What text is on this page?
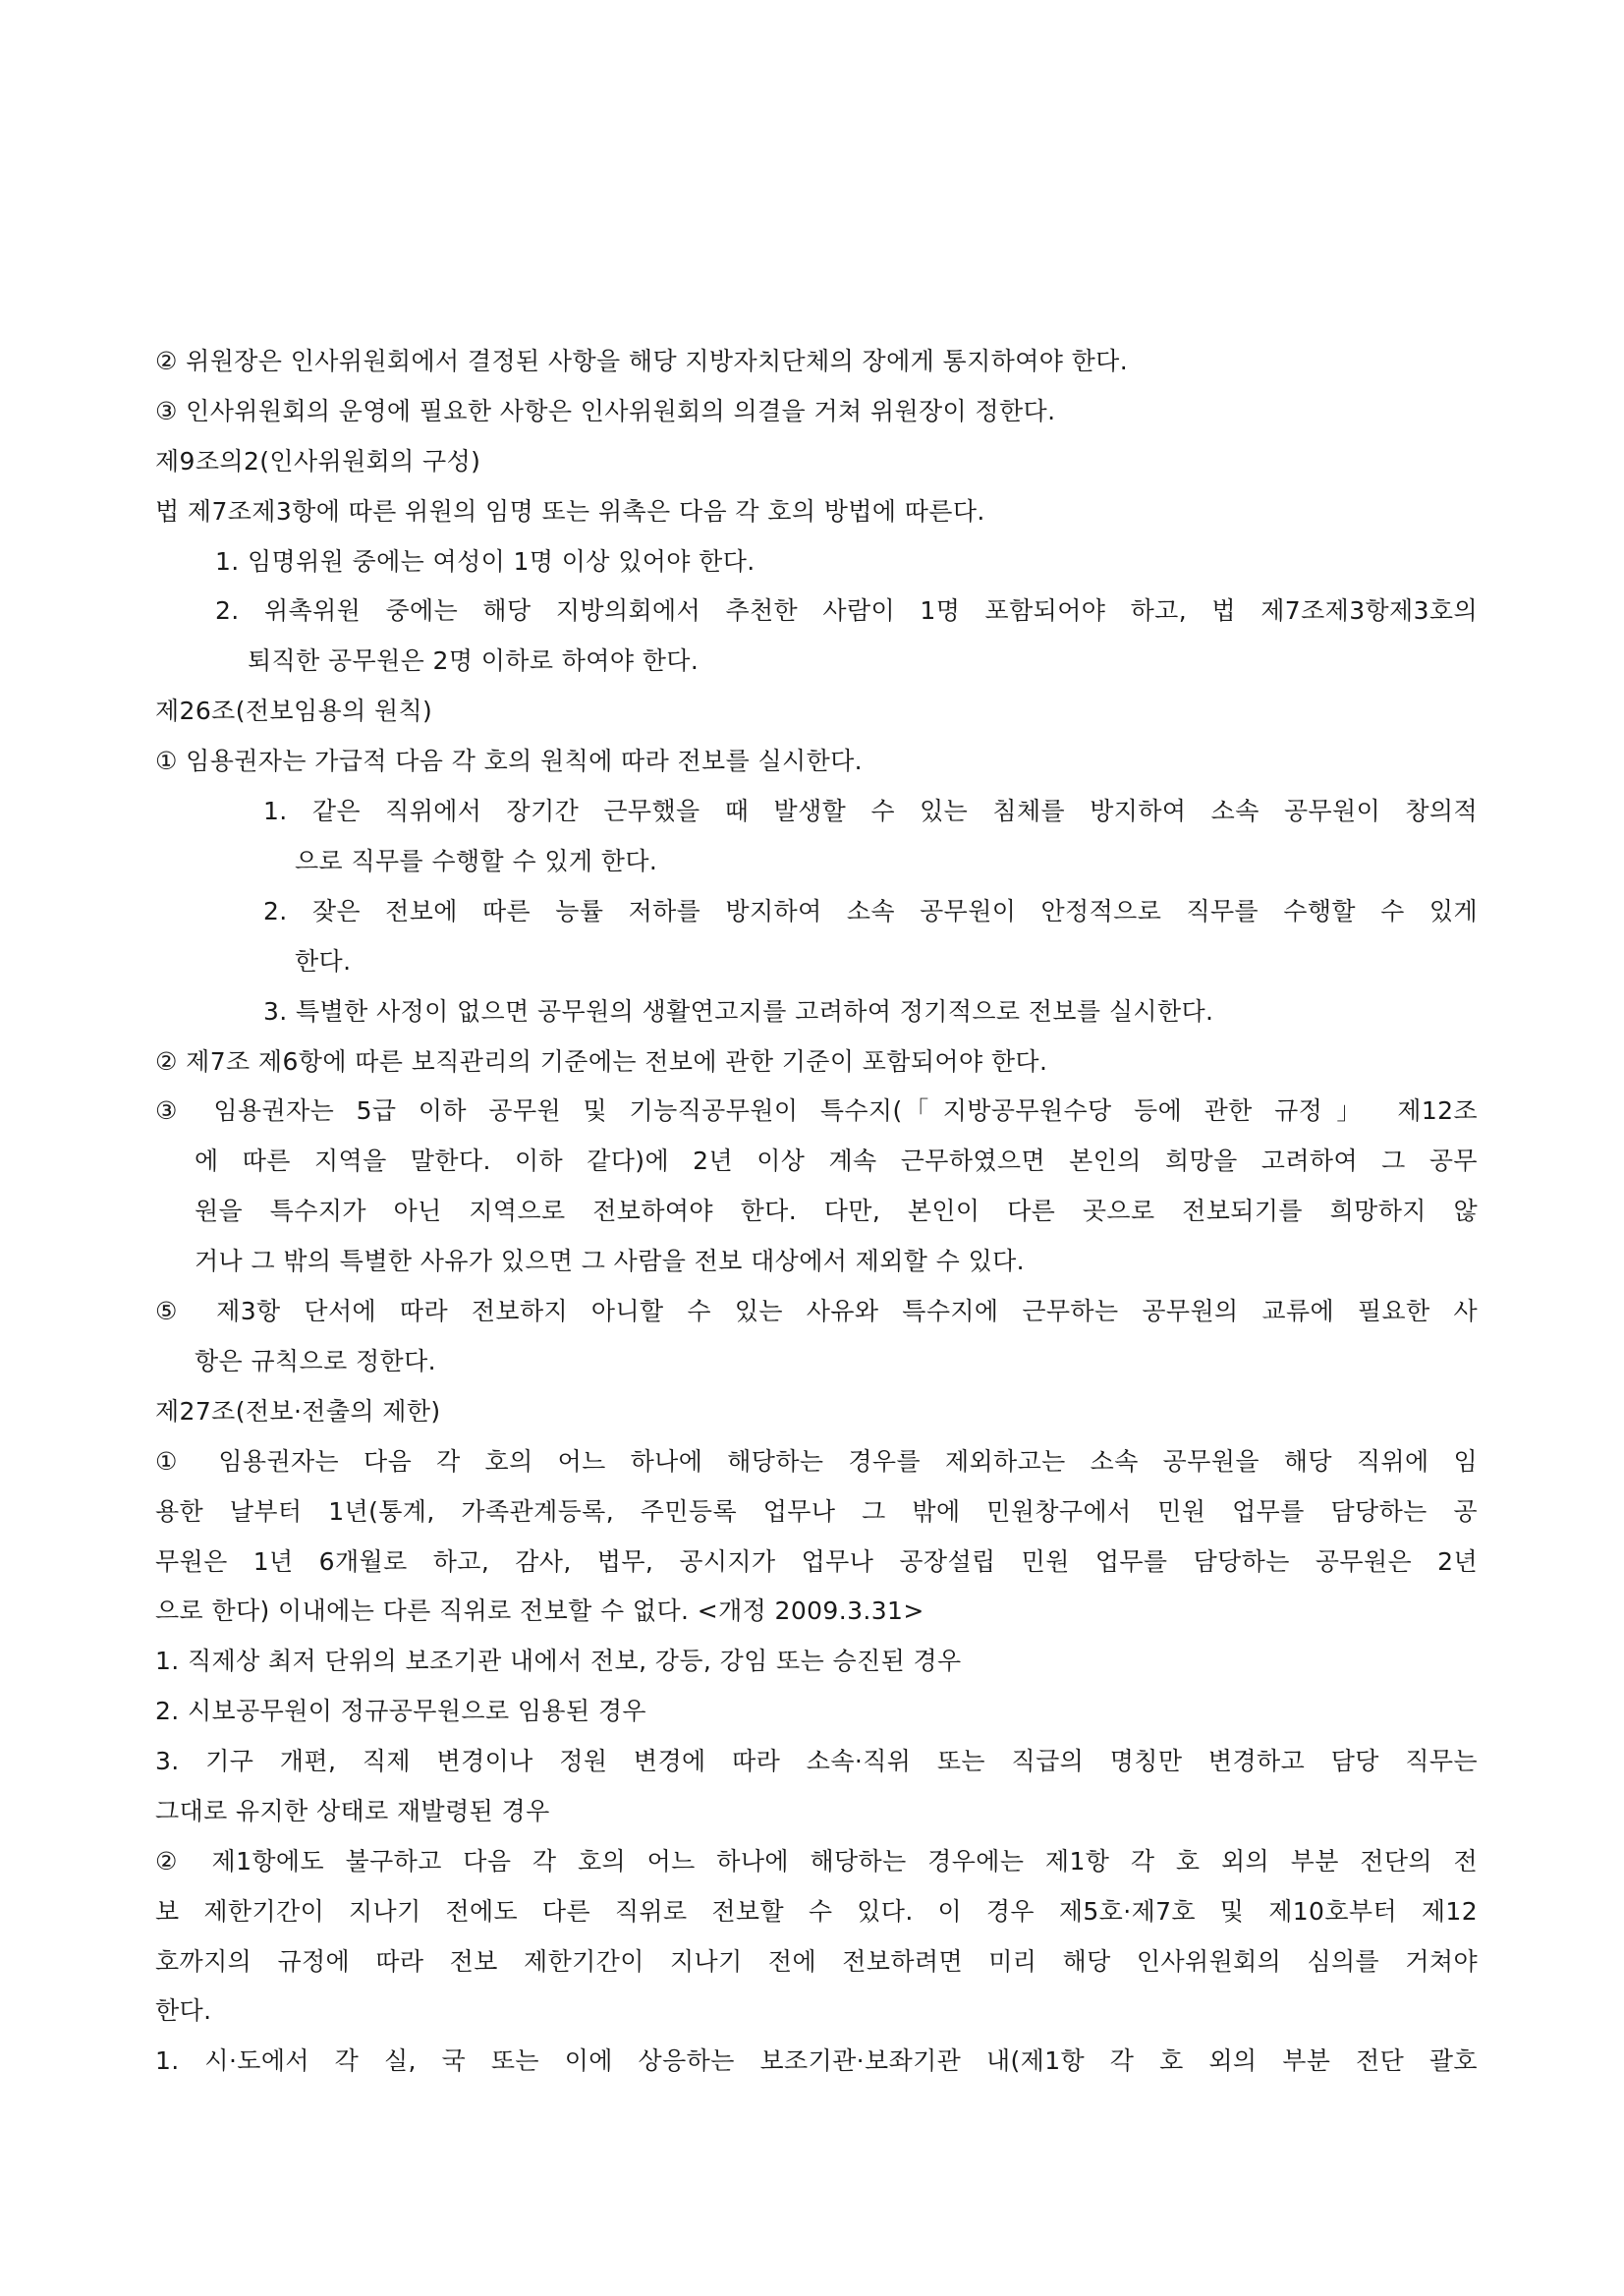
② 위원장은 인사위원회에서 결정된 사항을 해당 지방자치단체의 장에게 통지하여야 한다.
③ 인사위원회의 운영에 필요한 사항은 인사위원회의 의결을 거쳐 위원장이 정한다.
제9조의2(인사위원회의 구성)
법 제7조제3항에 따른 위원의 임명 또는 위촉은 다음 각 호의 방법에 따른다.
1. 임명위원 중에는 여성이 1명 이상 있어야 한다.
2. 위촉위원 중에는 해당 지방의회에서 추천한 사람이 1명 포함되어야 하고, 법 제7조제3항제3호의
퇴직한 공무원은 2명 이하로 하여야 한다.
제26조(전보임용의 원칙)
① 임용권자는 가급적 다음 각 호의 원칙에 따라 전보를 실시한다.
1. 같은 직위에서 장기간 근무했을 때 발생할 수 있는 침체를 방지하여 소속 공무원이 창의적
으로 직무를 수행할 수 있게 한다.
2. 잦은 전보에 따른 능률 저하를 방지하여 소속 공무원이 안정적으로 직무를 수행할 수 있게
한다.
3. 특별한 사정이 없으면 공무원의 생활연고지를 고려하여 정기적으로 전보를 실시한다.
② 제7조 제6항에 따른 보직관리의 기준에는 전보에 관한 기준이 포함되어야 한다.
③ 임용권자는 5급 이하 공무원 및 기능직공무원이 특수지(「지방공무원수당 등에 관한 규정」 제12조
에 따른 지역을 말한다. 이하 같다)에 2년 이상 계속 근무하였으면 본인의 희망을 고려하여 그 공무
원을 특수지가 아닌 지역으로 전보하여야 한다. 다만, 본인이 다른 곳으로 전보되기를 희망하지 않
거나 그 밖의 특별한 사유가 있으면 그 사람을 전보 대상에서 제외할 수 있다.
⑤ 제3항 단서에 따라 전보하지 아니할 수 있는 사유와 특수지에 근무하는 공무원의 교류에 필요한 사
항은 규칙으로 정한다.
제27조(전보·전출의 제한)
① 임용권자는 다음 각 호의 어느 하나에 해당하는 경우를 제외하고는 소속 공무원을 해당 직위에 임
용한 날부터 1년(통계, 가족관계등록, 주민등록 업무나 그 밖에 민원창구에서 민원 업무를 담당하는 공
무원은 1년 6개월로 하고, 감사, 법무, 공시지가 업무나 공장설립 민원 업무를 담당하는 공무원은 2년
으로 한다) 이내에는 다른 직위로 전보할 수 없다. <개정 2009.3.31>
1. 직제상 최저 단위의 보조기관 내에서 전보, 강등, 강임 또는 승진된 경우
2. 시보공무원이 정규공무원으로 임용된 경우
3. 기구 개편, 직제 변경이나 정원 변경에 따라 소속·직위 또는 직급의 명칭만 변경하고 담당 직무는
그대로 유지한 상태로 재발령된 경우
② 제1항에도 불구하고 다음 각 호의 어느 하나에 해당하는 경우에는 제1항 각 호 외의 부분 전단의 전
보 제한기간이 지나기 전에도 다른 직위로 전보할 수 있다. 이 경우 제5호·제7호 및 제10호부터 제12
호까지의 규정에 따라 전보 제한기간이 지나기 전에 전보하려면 미리 해당 인사위원회의 심의를 거쳐야
한다.
1. 시·도에서 각 실, 국 또는 이에 상응하는 보조기관·보좌기관 내(제1항 각 호 외의 부분 전단 괄호
